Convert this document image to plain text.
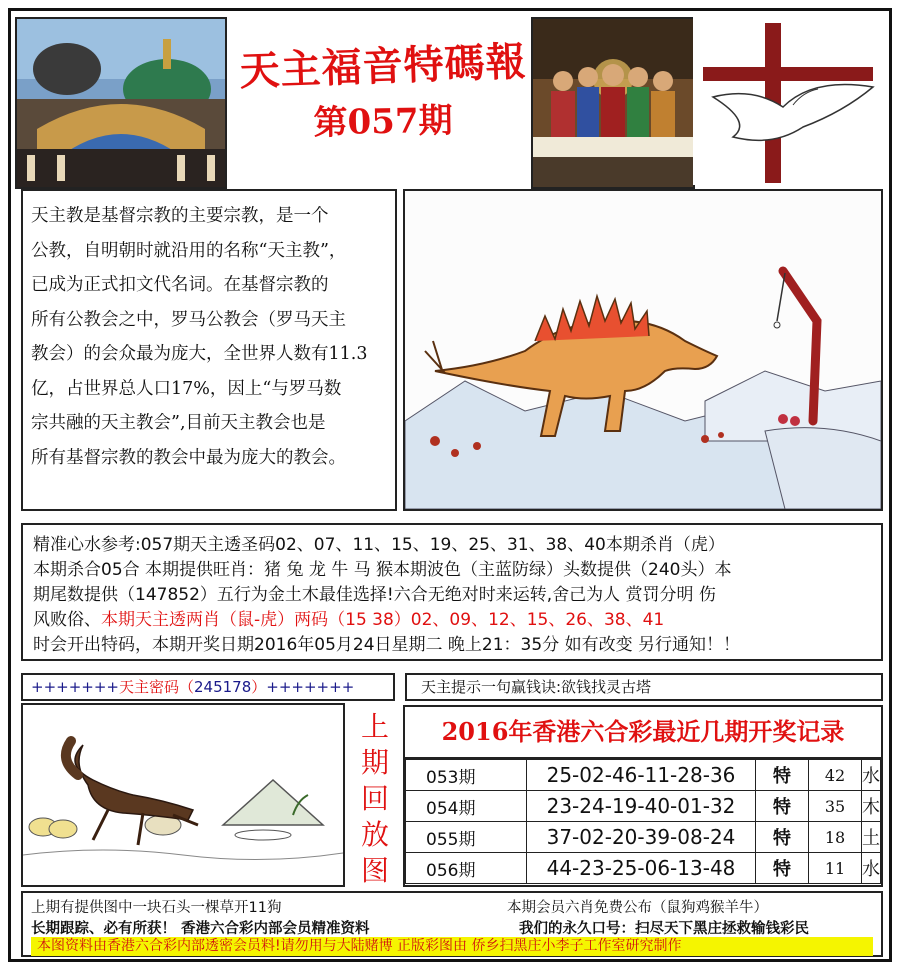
天主福音特碼報
第057期

天主教是基督宗教的主要宗教，是一个

公教，自明朝时就沿用的名称“天主教”，

已成为正式扣文代名词。在基督宗教的

所有公教会之中，罗马公教会（罗马天主

教会）的会众最为庞大，全世界人数有11.3

亿，占世界总人口17%，因上“与罗马数

宗共融的天主教会”,目前天主教会也是

所有基督宗教的教会中最为庞大的教会。

精准心水参考:057期天主透圣码02、07、11、15、19、25、31、38、40本期杀肖（虎）
本期杀合05合 本期提供旺肖：猪 兔 龙 牛 马 猴本期波色（主蓝防绿）头数提供（240头）本
期尾数提供（147852）五行为金土木最佳选择!六合无绝对时来运转,舍己为人 赏罚分明 伤
风败俗、本期天主透两肖（鼠-虎）两码（15 38）02、09、12、15、26、38、41
时会开出特码，本期开奖日期2016年05月24日星期二 晚上21：35分 如有改变 另行通知！！
+++++++天主密码（245178）+++++++	天主提示一句赢钱诀:欲钱找灵古塔
上
期
回
放
图
2016年香港六合彩最近几期开奖记录
053期	25-02-46-11-28-36	特	42	水
054期	23-24-19-40-01-32	特	35	木
055期	37-02-20-39-08-24	特	18	土
056期	44-23-25-06-13-48	特	11	水
上期有提供图中一块石头一棵草开11狗	本期会员六肖免费公布（鼠狗鸡猴羊牛）
长期跟踪、必有所获！ 香港六合彩内部会员精准资料	我们的永久口号：扫尽天下黑庄拯救输钱彩民
本图资料由香港六合彩内部透密会员料!请勿用与大陆赌博 正版彩图由 侨乡扫黑庄小李子工作室研究制作
